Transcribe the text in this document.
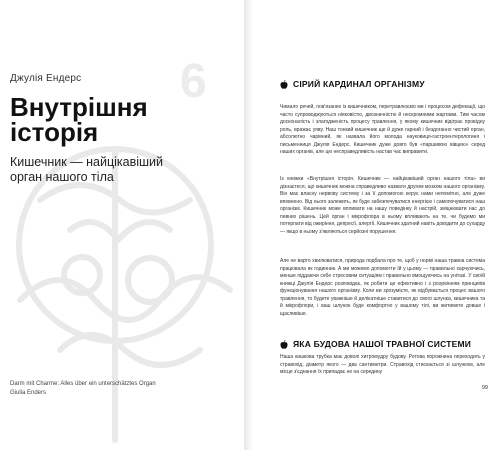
6

Джулія Ендерс

Внутрішня
історія

Кишечник — найцікавіший
орган нашого тіла

Darm mit Charme: Alles über ein unterschätztes Organ
Giulia Enders

СІРИЙ КАРДИНАЛ ОРГАНІЗМУ

Чимало речей, пов'язаних із кишечником, перетравлюємо ми і процесом дефекації, що часто супроводжуються ніяковістю, двозначністю й нескромними жартами. Тим часом досконалість і злагодженість процесу травлення, у якому кишечник відіграє провідну роль, вражає уяву. Наш тонкий кишечник ще й дуже гарний і бездоганно чистий орган, абсолютно чарівний, як назвала його молода науковиця-гастроентерологиня і письменниця Джулія Ендерс. Кишечник дуже довго був «паршивою вівцею» серед наших органів, але цю несправедливість настав час виправити.

Із книжки «Внутрішня історія. Кишечник — найцікавіший орган нашого тіла» ви дізнаєтеся, що кишечник можна справедливо назвати другим мозком нашого організму. Він має власну нервову систему і за її допомогою керує нами непомітно, але дуже впевнено. Від нього залежить, як буде забезпечуватися енергією і самопочуватися наш організм. Кишечник може впливати на нашу поведінку й настрій, зміцнювати нас до певних рішень. Цей орган і мікрофлора в ньому впливають на те, чи будемо ми потерпати від ожиріння, депресії, алергії. Кишечник здатний навіть доводити до сухарду — якщо в ньому з'являються серйозні порушення.

Але не варто хвилюватися, природа подбала про те, щоб у нормі наша травна система працювала як годинник. А ми можемо допомогти їй у цьому — правильно харчуючись, менше піддаючи себе стресовим ситуаціям і правильно вмощуючись на унітазі. У своїй книжці Джулія Ендерс розповідає, як робити це ефективно і з розумінням принципів функціонування нашого організму. Коли ви зрозумієте, як відбувається процес вашого травлення, то будете уважніше й делікатніше ставитися до свого шлунка, кишечника та й мікрофлори, і ваш шлунок буде комфортно у вашому тілі, ви житимете довше і щасливіше.

ЯКА БУДОВА НАШОЇ ТРАВНОЇ СИСТЕМИ

Наша кишкова трубка має доволі хитромудру будову. Ротова порожнина переходить у стравохід, діаметр якого — два сантиметри. Стравохід стискається зі шлунком, але місце з'єднання їх припадає не на середину

99
